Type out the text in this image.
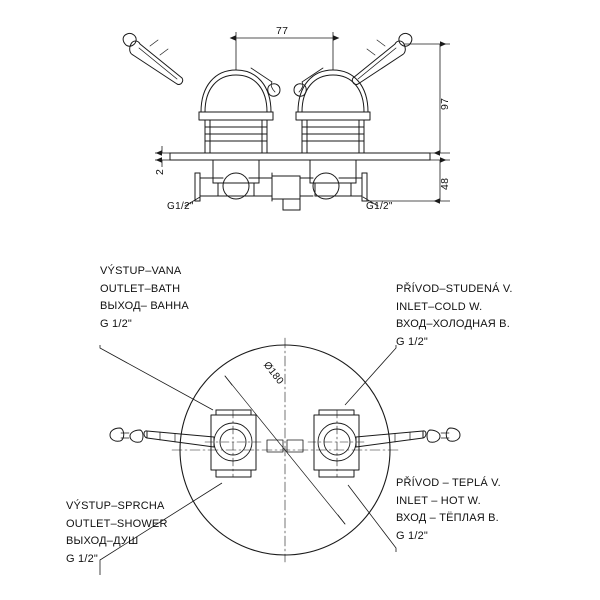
77
97
48
2
G1/2"	G1/2"
Ø180
VÝSTUP–VANA
OUTLET–BATH
ВЫХОД– ВАННА
G 1/2"
PŘÍVOD–STUDENÁ V.
INLET–COLD W.
ВХОД–ХОЛОДНАЯ В.
G 1/2"
VÝSTUP–SPRCHA
OUTLET–SHOWER
ВЫХОД–ДУШ
G 1/2"
PŘÍVOD – TEPLÁ V.
INLET – HOT W.
ВХОД – ТЁПЛАЯ В.
G 1/2"
